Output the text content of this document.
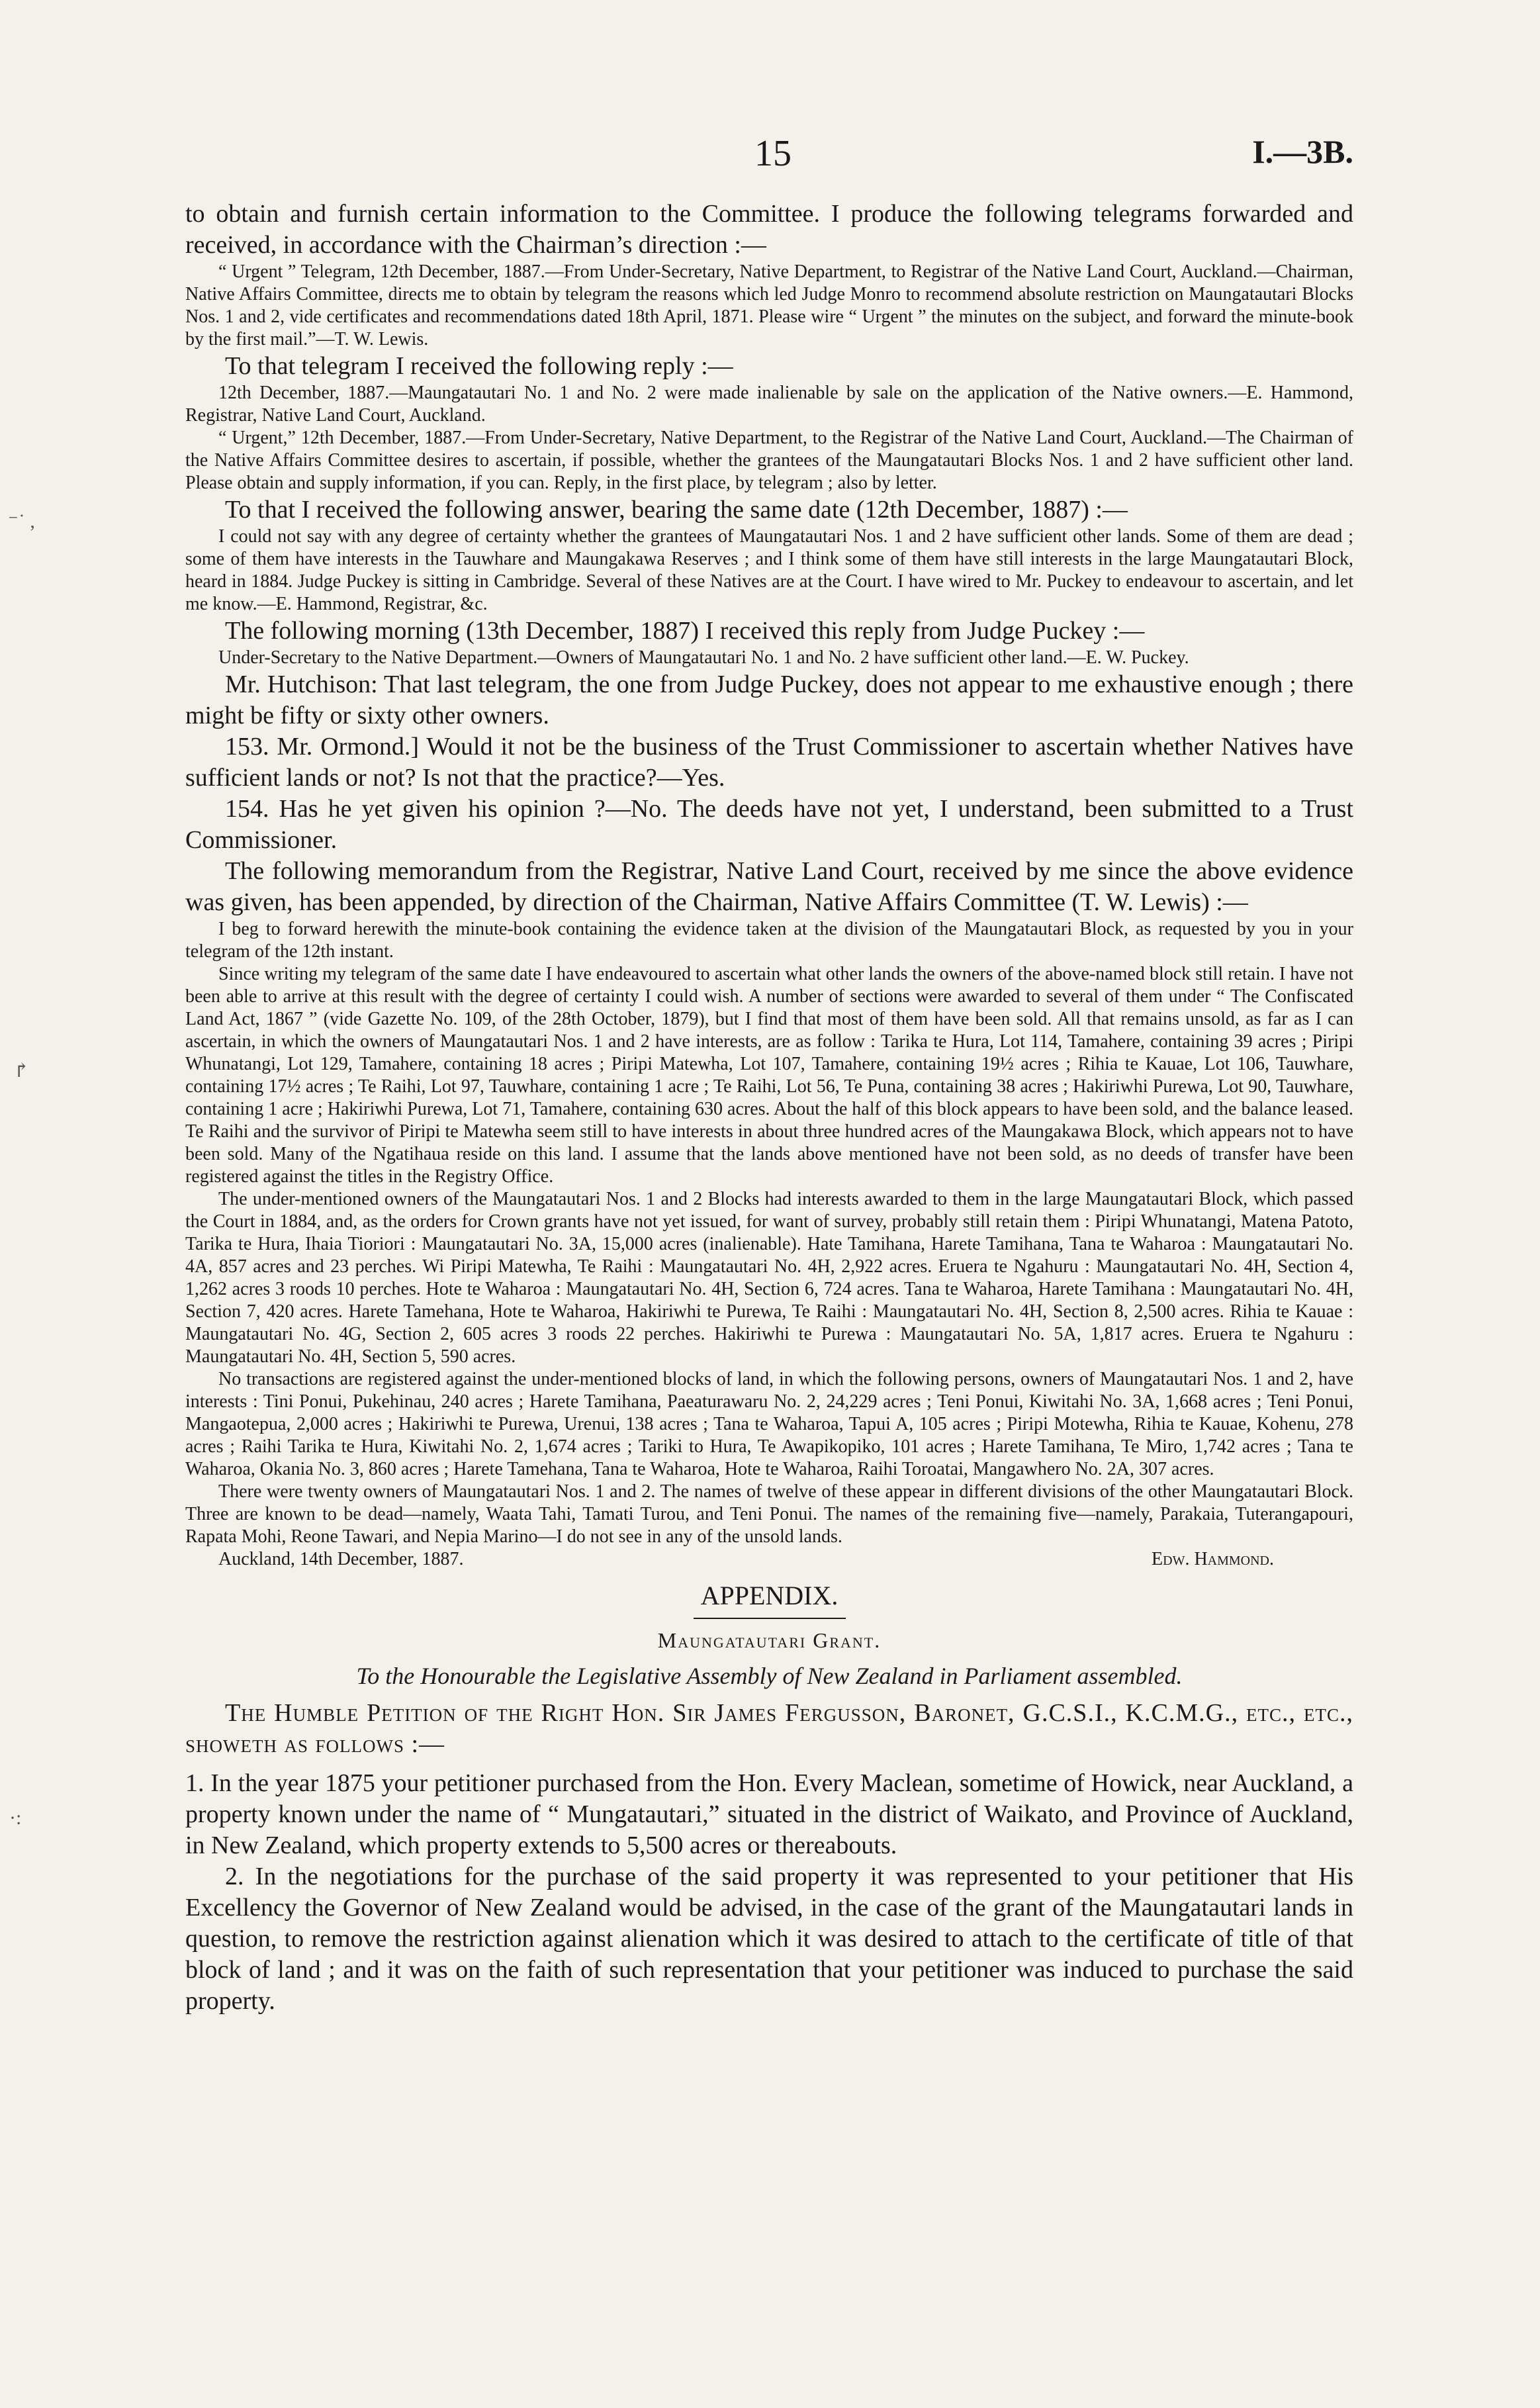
⁻˙ ,
↱
·:
15	I.—3B.

to obtain and furnish certain information to the Committee. I produce the following telegrams forwarded and received, in accordance with the Chairman’s direction :—

“ Urgent ” Telegram, 12th December, 1887.—From Under-Secretary, Native Department, to Registrar of the Native Land Court, Auckland.—Chairman, Native Affairs Committee, directs me to obtain by telegram the reasons which led Judge Monro to recommend absolute restriction on Maungatautari Blocks Nos. 1 and 2, vide certificates and recommendations dated 18th April, 1871. Please wire “ Urgent ” the minutes on the subject, and forward the minute-book by the first mail.”—T. W. Lewis.

To that telegram I received the following reply :—

12th December, 1887.—Maungatautari No. 1 and No. 2 were made inalienable by sale on the application of the Native owners.—E. Hammond, Registrar, Native Land Court, Auckland.

“ Urgent,” 12th December, 1887.—From Under-Secretary, Native Department, to the Registrar of the Native Land Court, Auckland.—The Chairman of the Native Affairs Committee desires to ascertain, if possible, whether the grantees of the Maungatautari Blocks Nos. 1 and 2 have sufficient other land. Please obtain and supply information, if you can. Reply, in the first place, by telegram ; also by letter.

To that I received the following answer, bearing the same date (12th December, 1887) :—

I could not say with any degree of certainty whether the grantees of Maungatautari Nos. 1 and 2 have sufficient other lands. Some of them are dead ; some of them have interests in the Tauwhare and Maungakawa Reserves ; and I think some of them have still interests in the large Maungatautari Block, heard in 1884. Judge Puckey is sitting in Cambridge. Several of these Natives are at the Court. I have wired to Mr. Puckey to endeavour to ascertain, and let me know.—E. Hammond, Registrar, &c.

The following morning (13th December, 1887) I received this reply from Judge Puckey :—

Under-Secretary to the Native Department.—Owners of Maungatautari No. 1 and No. 2 have sufficient other land.—E. W. Puckey.

Mr. Hutchison: That last telegram, the one from Judge Puckey, does not appear to me exhaustive enough ; there might be fifty or sixty other owners.

153. Mr. Ormond.] Would it not be the business of the Trust Commissioner to ascertain whether Natives have sufficient lands or not? Is not that the practice?—Yes.

154. Has he yet given his opinion ?—No. The deeds have not yet, I understand, been submitted to a Trust Commissioner.

The following memorandum from the Registrar, Native Land Court, received by me since the above evidence was given, has been appended, by direction of the Chairman, Native Affairs Committee (T. W. Lewis) :—

I beg to forward herewith the minute-book containing the evidence taken at the division of the Maungatautari Block, as requested by you in your telegram of the 12th instant.

Since writing my telegram of the same date I have endeavoured to ascertain what other lands the owners of the above-named block still retain. I have not been able to arrive at this result with the degree of certainty I could wish. A number of sections were awarded to several of them under “ The Confiscated Land Act, 1867 ” (vide Gazette No. 109, of the 28th October, 1879), but I find that most of them have been sold. All that remains unsold, as far as I can ascertain, in which the owners of Maungatautari Nos. 1 and 2 have interests, are as follow : Tarika te Hura, Lot 114, Tamahere, containing 39 acres ; Piripi Whunatangi, Lot 129, Tamahere, containing 18 acres ; Piripi Matewha, Lot 107, Tamahere, containing 19½ acres ; Rihia te Kauae, Lot 106, Tauwhare, containing 17½ acres ; Te Raihi, Lot 97, Tauwhare, containing 1 acre ; Te Raihi, Lot 56, Te Puna, containing 38 acres ; Hakiriwhi Purewa, Lot 90, Tauwhare, containing 1 acre ; Hakiriwhi Purewa, Lot 71, Tamahere, containing 630 acres. About the half of this block appears to have been sold, and the balance leased. Te Raihi and the survivor of Piripi te Matewha seem still to have interests in about three hundred acres of the Maungakawa Block, which appears not to have been sold. Many of the Ngatihaua reside on this land. I assume that the lands above mentioned have not been sold, as no deeds of transfer have been registered against the titles in the Registry Office.

The under-mentioned owners of the Maungatautari Nos. 1 and 2 Blocks had interests awarded to them in the large Maungatautari Block, which passed the Court in 1884, and, as the orders for Crown grants have not yet issued, for want of survey, probably still retain them : Piripi Whunatangi, Matena Patoto, Tarika te Hura, Ihaia Tioriori : Maungatautari No. 3A, 15,000 acres (inalienable). Hate Tamihana, Harete Tamihana, Tana te Waharoa : Maungatautari No. 4A, 857 acres and 23 perches. Wi Piripi Matewha, Te Raihi : Maungatautari No. 4H, 2,922 acres. Eruera te Ngahuru : Maungatautari No. 4H, Section 4, 1,262 acres 3 roods 10 perches. Hote te Waharoa : Maungatautari No. 4H, Section 6, 724 acres. Tana te Waharoa, Harete Tamihana : Maungatautari No. 4H, Section 7, 420 acres. Harete Tamehana, Hote te Waharoa, Hakiriwhi te Purewa, Te Raihi : Maungatautari No. 4H, Section 8, 2,500 acres. Rihia te Kauae : Maungatautari No. 4G, Section 2, 605 acres 3 roods 22 perches. Hakiriwhi te Purewa : Maungatautari No. 5A, 1,817 acres. Eruera te Ngahuru : Maungatautari No. 4H, Section 5, 590 acres.

No transactions are registered against the under-mentioned blocks of land, in which the following persons, owners of Maungatautari Nos. 1 and 2, have interests : Tini Ponui, Pukehinau, 240 acres ; Harete Tamihana, Paeaturawaru No. 2, 24,229 acres ; Teni Ponui, Kiwitahi No. 3A, 1,668 acres ; Teni Ponui, Mangaotepua, 2,000 acres ; Hakiriwhi te Purewa, Urenui, 138 acres ; Tana te Waharoa, Tapui A, 105 acres ; Piripi Motewha, Rihia te Kauae, Kohenu, 278 acres ; Raihi Tarika te Hura, Kiwitahi No. 2, 1,674 acres ; Tariki to Hura, Te Awapikopiko, 101 acres ; Harete Tamihana, Te Miro, 1,742 acres ; Tana te Waharoa, Okania No. 3, 860 acres ; Harete Tamehana, Tana te Waharoa, Hote te Waharoa, Raihi Toroatai, Mangawhero No. 2A, 307 acres.

There were twenty owners of Maungatautari Nos. 1 and 2. The names of twelve of these appear in different divisions of the other Maungatautari Block. Three are known to be dead—namely, Waata Tahi, Tamati Turou, and Teni Ponui. The names of the remaining five—namely, Parakaia, Tuterangapouri, Rapata Mohi, Reone Tawari, and Nepia Marino—I do not see in any of the unsold lands.

Auckland, 14th December, 1887.	Edw. Hammond.
APPENDIX.
Maungatautari Grant.
To the Honourable the Legislative Assembly of New Zealand in Parliament assembled.

The Humble Petition of the Right Hon. Sir James Fergusson, Baronet, G.C.S.I., K.C.M.G., etc., etc., showeth as follows :—

1. In the year 1875 your petitioner purchased from the Hon. Every Maclean, sometime of Howick, near Auckland, a property known under the name of “ Mungatautari,” situated in the district of Waikato, and Province of Auckland, in New Zealand, which property extends to 5,500 acres or thereabouts.

2. In the negotiations for the purchase of the said property it was represented to your petitioner that His Excellency the Governor of New Zealand would be advised, in the case of the grant of the Maungatautari lands in question, to remove the restriction against alienation which it was desired to attach to the certificate of title of that block of land ; and it was on the faith of such representation that your petitioner was induced to purchase the said property.
